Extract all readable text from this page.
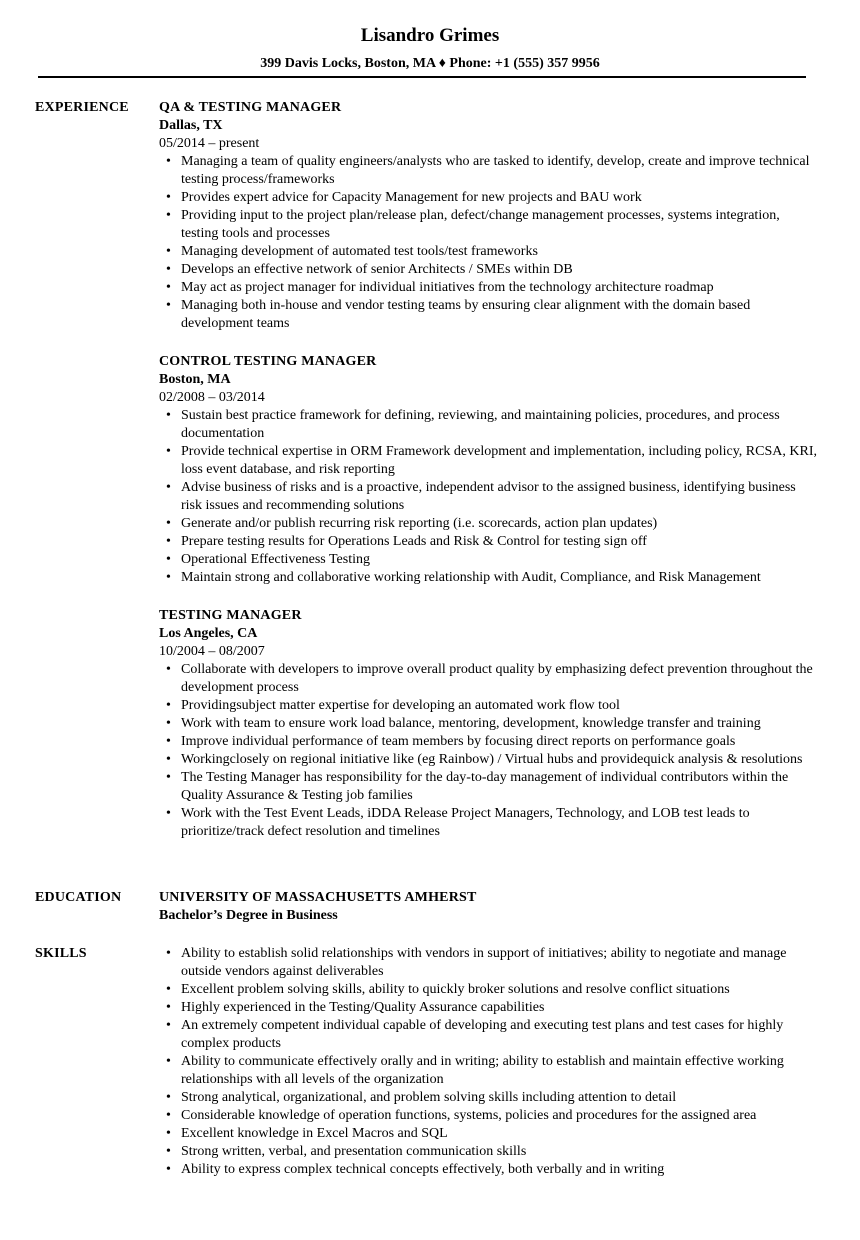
Lisandro Grimes
399 Davis Locks, Boston, MA ♦ Phone: +1 (555) 357 9956
EXPERIENCE QA & TESTING MANAGER
Dallas, TX
05/2014 – present
• Managing a team of quality engineers/analysts who are tasked to identify, develop, create and improve technical testing process/frameworks
• Provides expert advice for Capacity Management for new projects and BAU work
• Providing input to the project plan/release plan, defect/change management processes, systems integration, testing tools and processes
• Managing development of automated test tools/test frameworks
• Develops an effective network of senior Architects / SMEs within DB
• May act as project manager for individual initiatives from the technology architecture roadmap
• Managing both in-house and vendor testing teams by ensuring clear alignment with the domain based development teams
CONTROL TESTING MANAGER
Boston, MA
02/2008 – 03/2014
• Sustain best practice framework for defining, reviewing, and maintaining policies, procedures, and process documentation
• Provide technical expertise in ORM Framework development and implementation, including policy, RCSA, KRI, loss event database, and risk reporting
• Advise business of risks and is a proactive, independent advisor to the assigned business, identifying business risk issues and recommending solutions
• Generate and/or publish recurring risk reporting (i.e. scorecards, action plan updates)
• Prepare testing results for Operations Leads and Risk & Control for testing sign off
• Operational Effectiveness Testing
• Maintain strong and collaborative working relationship with Audit, Compliance, and Risk Management
TESTING MANAGER
Los Angeles, CA
10/2004 – 08/2007
• Collaborate with developers to improve overall product quality by emphasizing defect prevention throughout the development process
• Providingsubject matter expertise for developing an automated work flow tool
• Work with team to ensure work load balance, mentoring, development, knowledge transfer and training
• Improve individual performance of team members by focusing direct reports on performance goals
• Workingclosely on regional initiative like (eg Rainbow) / Virtual hubs and providequick analysis & resolutions
• The Testing Manager has responsibility for the day-to-day management of individual contributors within the Quality Assurance & Testing job families
• Work with the Test Event Leads, iDDA Release Project Managers, Technology, and LOB test leads to prioritize/track defect resolution and timelines
EDUCATION	UNIVERSITY OF MASSACHUSETTS AMHERST
Bachelor’s Degree in Business
SKILLS
•	Ability to establish solid relationships with vendors in support of initiatives; ability to negotiate and manage outside vendors against deliverables
• Excellent problem solving skills, ability to quickly broker solutions and resolve conflict situations
• Highly experienced in the Testing/Quality Assurance capabilities
• An extremely competent individual capable of developing and executing test plans and test cases for highly complex products
• Ability to communicate effectively orally and in writing; ability to establish and maintain effective working relationships with all levels of the organization
• Strong analytical, organizational, and problem solving skills including attention to detail
• Considerable knowledge of operation functions, systems, policies and procedures for the assigned area
• Excellent knowledge in Excel Macros and SQL
• Strong written, verbal, and presentation communication skills
• Ability to express complex technical concepts effectively, both verbally and in writing
